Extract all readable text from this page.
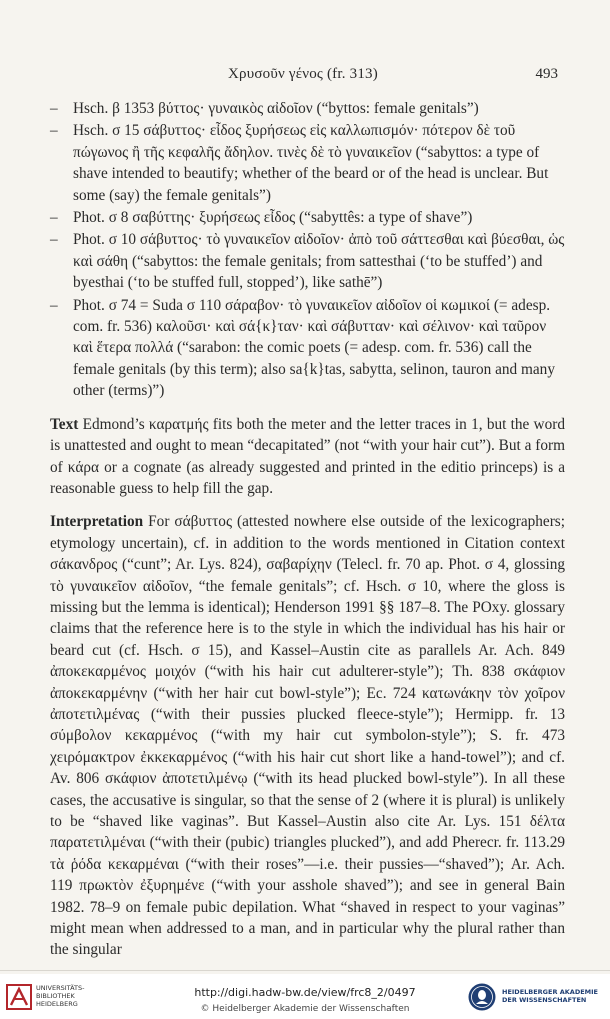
Χρυσοῦν γένος (fr. 313)	493
– Hsch. β 1353 βύττος· γυναικὸς αἰδοῖον (“byttos: female genitals”)
– Hsch. σ 15 σάβυττος· εἶδος ξυρήσεως εἰς καλλωπισμόν· πότερον δὲ τοῦ πώγωνος ἢ τῆς κεφαλῆς ἄδηλον. τινὲς δὲ τὸ γυναικεῖον (“sabyttos: a type of shave intended to beautify; whether of the beard or of the head is unclear. But some (say) the female genitals”)
– Phot. σ 8 σαβύττης· ξυρήσεως εἶδος (“sabyttês: a type of shave”)
– Phot. σ 10 σάβυττος· τὸ γυναικεῖον αἰδοῖον· ἀπὸ τοῦ σάττεσθαι καὶ βύεσθαι, ὡς καὶ σάθη (“sabyttos: the female genitals; from sattesthai (‘to be stuffed’) and byesthai (‘to be stuffed full, stopped’), like sathē”)
– Phot. σ 74 = Suda σ 110 σάραβον· τὸ γυναικεῖον αἰδοῖον οἱ κωμικοί (= adesp. com. fr. 536) καλοῦσι· καὶ σά{κ}ταν· καὶ σάβυτταν· καὶ σέλινον· καὶ ταῦρον καὶ ἕτερα πολλά (“sarabon: the comic poets (= adesp. com. fr. 536) call the female genitals (by this term); also sa{k}tas, sabytta, selinon, tauron and many other (terms)”)

Text Edmond’s καρατμής fits both the meter and the letter traces in 1, but the word is unattested and ought to mean “decapitated” (not “with your hair cut”). But a form of κάρα or a cognate (as already suggested and printed in the editio princeps) is a reasonable guess to help fill the gap.

Interpretation For σάβυττος (attested nowhere else outside of the lexicographers; etymology uncertain), cf. in addition to the words mentioned in Citation context σάκανδρος (“cunt”; Ar. Lys. 824), σαβαρίχην (Telecl. fr. 70 ap. Phot. σ 4, glossing τὸ γυναικεῖον αἰδοῖον, “the female genitals”; cf. Hsch. σ 10, where the gloss is missing but the lemma is identical); Henderson 1991 §§ 187–8. The POxy. glossary claims that the reference here is to the style in which the individual has his hair or beard cut (cf. Hsch. σ 15), and Kassel–Austin cite as parallels Ar. Ach. 849 ἀποκεκαρμένος μοιχόν (“with his hair cut adulterer-style”); Th. 838 σκάφιον ἀποκεκαρμένην (“with her hair cut bowl-style”); Ec. 724 κατωνάκην τὸν χοῖρον ἀποτετιλμένας (“with their pussies plucked fleece-style”); Hermipp. fr. 13 σύμβολον κεκαρμένος (“with my hair cut symbolon-style”); S. fr. 473 χειρόμακτρον ἐκκεκαρμένος (“with his hair cut short like a hand-towel”); and cf. Av. 806 σκάφιον ἀποτετιλμένῳ (“with its head plucked bowl-style”). In all these cases, the accusative is singular, so that the sense of 2 (where it is plural) is unlikely to be “shaved like vaginas”. But Kassel–Austin also cite Ar. Lys. 151 δέλτα παρατετιλμέναι (“with their (pubic) triangles plucked”), and add Pherecr. fr. 113.29 τὰ ῥόδα κεκαρμέναι (“with their roses”—i.e. their pussies—“shaved”); Ar. Ach. 119 πρωκτὸν ἐξυρημένε (“with your asshole shaved”); and see in general Bain 1982. 78–9 on female pubic depilation. What “shaved in respect to your vaginas” might mean when addressed to a man, and in particular why the plural rather than the singular

UNIVERSITÄTS-
BIBLIOTHEK
HEIDELBERG
http://digi.hadw-bw.de/view/frc8_2/0497
© Heidelberger Akademie der Wissenschaften
HEIDELBERGER AKADEMIE
DER WISSENSCHAFTEN
